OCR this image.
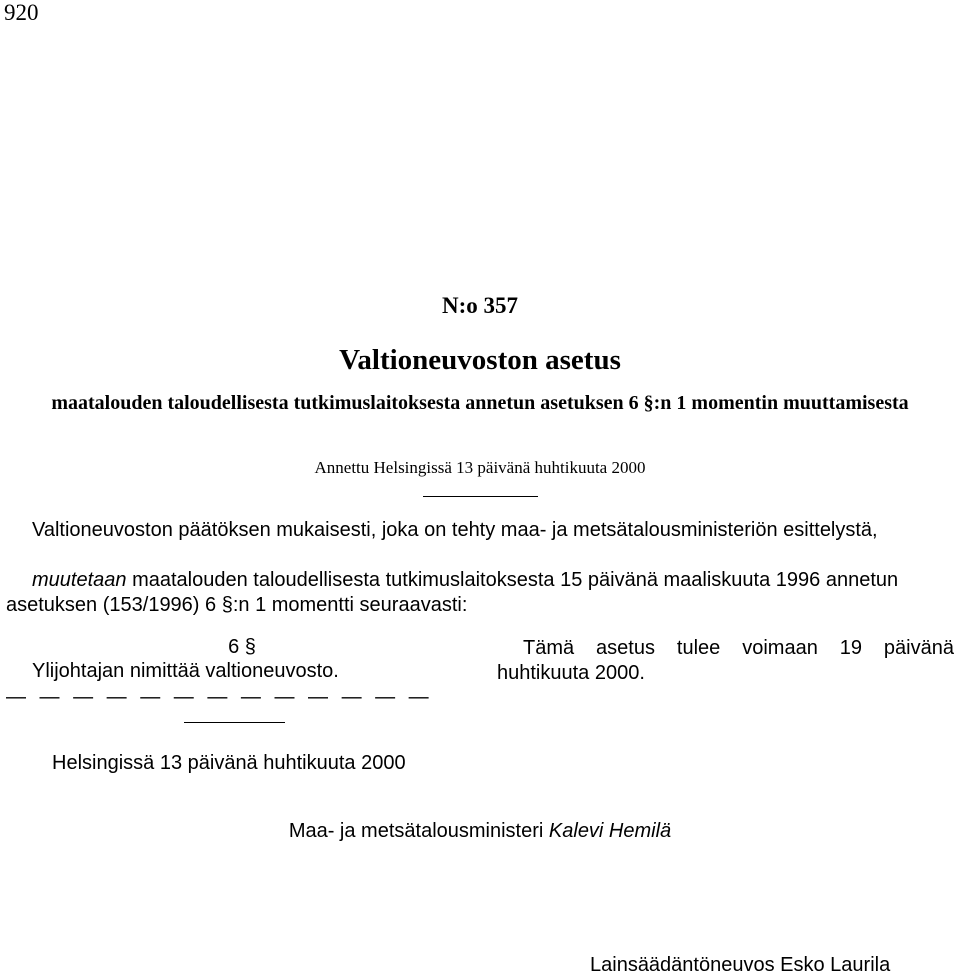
920
N:o 357
Valtioneuvoston asetus
maatalouden taloudellisesta tutkimuslaitoksesta annetun asetuksen 6 §:n 1 momentin muuttamisesta
Annettu Helsingissä 13 päivänä huhtikuuta 2000
Valtioneuvoston päätöksen mukaisesti, joka on tehty maa- ja metsätalousministeriön esittelystä,
muutetaan maatalouden taloudellisesta tutkimuslaitoksesta 15 päivänä maaliskuuta 1996 annetun asetuksen (153/1996) 6 §:n 1 momentti seuraavasti:
6 §
Ylijohtajan nimittää valtioneuvosto.
— — — — — — — — — — — — —
Tämä asetus tulee voimaan 19 päivänä huhtikuuta 2000.
Helsingissä 13 päivänä huhtikuuta 2000
Maa- ja metsätalousministeri Kalevi Hemilä
Lainsäädäntöneuvos Esko Laurila
